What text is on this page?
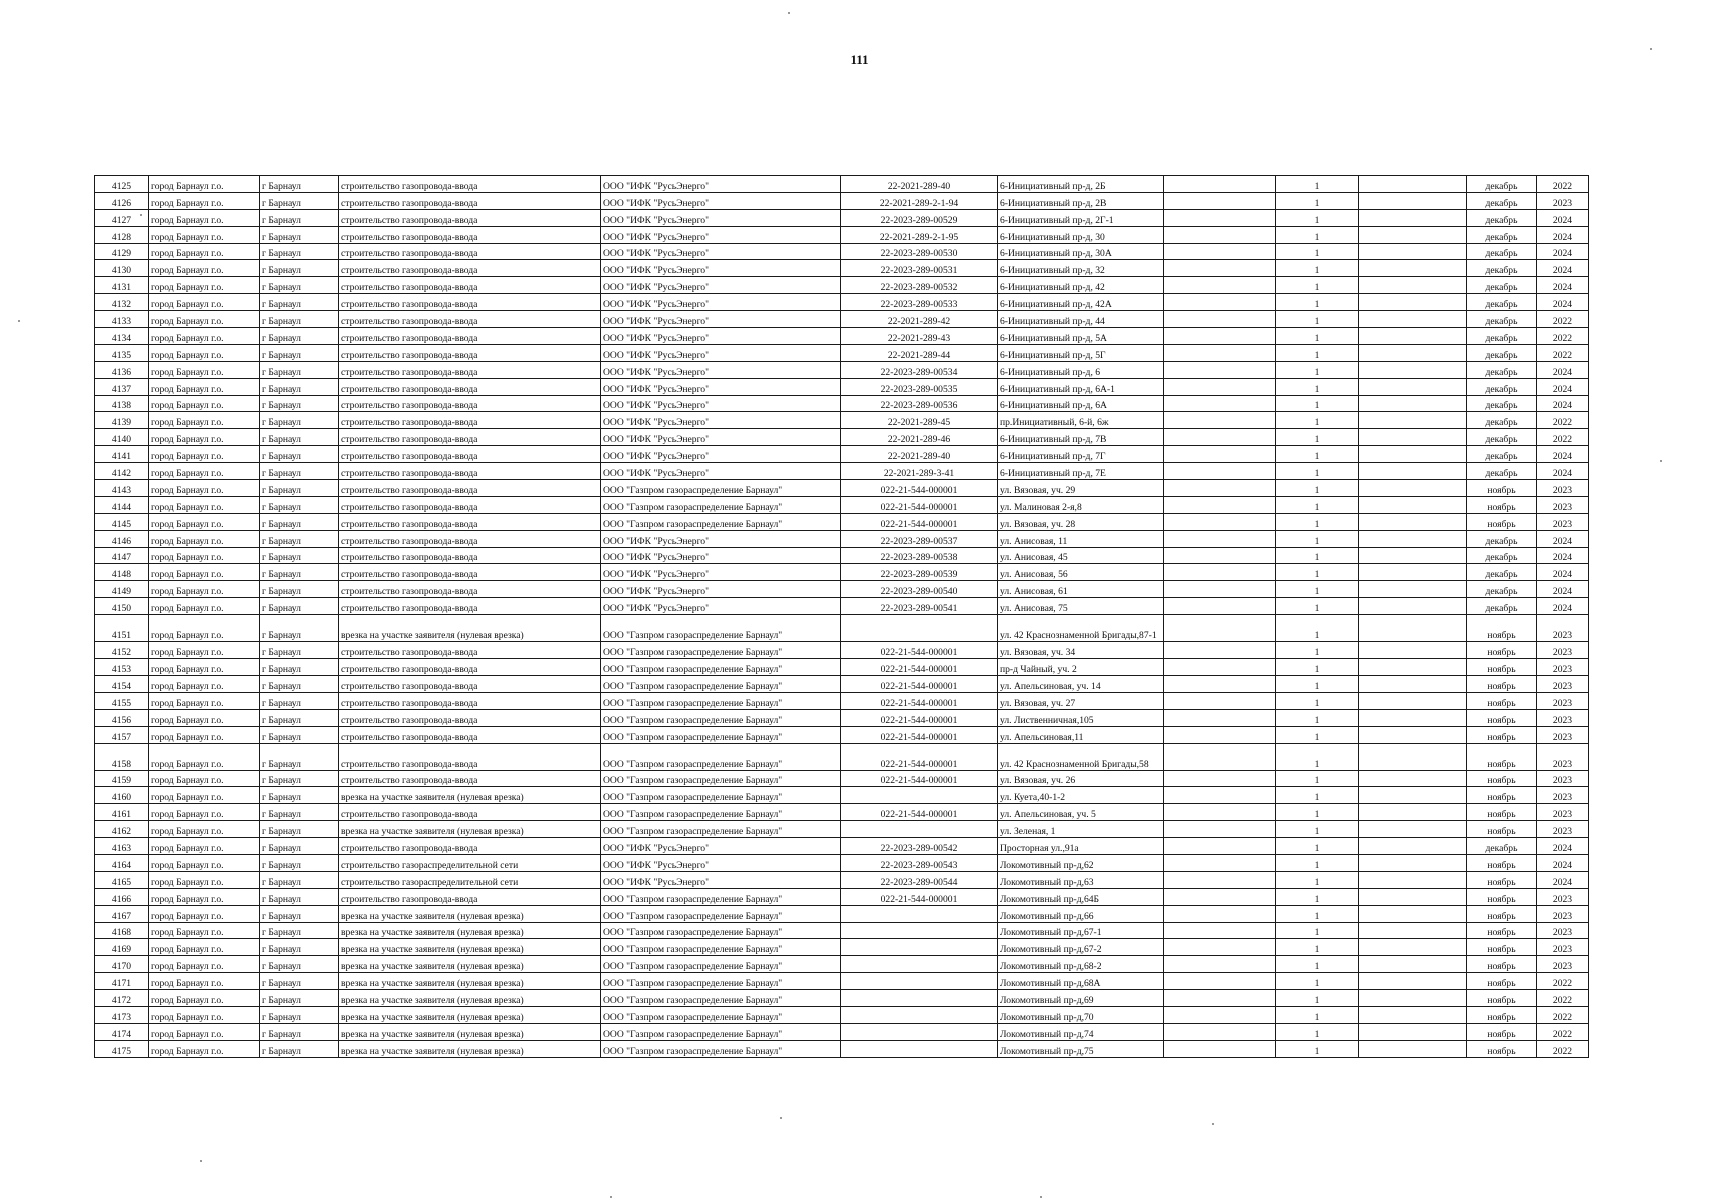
111
4125	город Барнаул г.о.	г Барнаул	строительство газопровода-ввода	ООО "ИФК "РусьЭнерго"	22-2021-289-40	6-Инициативный пр-д, 2Б		1		декабрь	2022
4126	город Барнаул г.о.	г Барнаул	строительство газопровода-ввода	ООО "ИФК "РусьЭнерго"	22-2021-289-2-1-94	6-Инициативный пр-д, 2В		1		декабрь	2023
4127	город Барнаул г.о.	г Барнаул	строительство газопровода-ввода	ООО "ИФК "РусьЭнерго"	22-2023-289-00529	6-Инициативный пр-д, 2Г-1		1		декабрь	2024
4128	город Барнаул г.о.	г Барнаул	строительство газопровода-ввода	ООО "ИФК "РусьЭнерго"	22-2021-289-2-1-95	6-Инициативный пр-д, 30		1		декабрь	2024
4129	город Барнаул г.о.	г Барнаул	строительство газопровода-ввода	ООО "ИФК "РусьЭнерго"	22-2023-289-00530	6-Инициативный пр-д, 30А		1		декабрь	2024
4130	город Барнаул г.о.	г Барнаул	строительство газопровода-ввода	ООО "ИФК "РусьЭнерго"	22-2023-289-00531	6-Инициативный пр-д, 32		1		декабрь	2024
4131	город Барнаул г.о.	г Барнаул	строительство газопровода-ввода	ООО "ИФК "РусьЭнерго"	22-2023-289-00532	6-Инициативный пр-д, 42		1		декабрь	2024
4132	город Барнаул г.о.	г Барнаул	строительство газопровода-ввода	ООО "ИФК "РусьЭнерго"	22-2023-289-00533	6-Инициативный пр-д, 42А		1		декабрь	2024
4133	город Барнаул г.о.	г Барнаул	строительство газопровода-ввода	ООО "ИФК "РусьЭнерго"	22-2021-289-42	6-Инициативный пр-д, 44		1		декабрь	2022
4134	город Барнаул г.о.	г Барнаул	строительство газопровода-ввода	ООО "ИФК "РусьЭнерго"	22-2021-289-43	6-Инициативный пр-д, 5А		1		декабрь	2022
4135	город Барнаул г.о.	г Барнаул	строительство газопровода-ввода	ООО "ИФК "РусьЭнерго"	22-2021-289-44	6-Инициативный пр-д, 5Г		1		декабрь	2022
4136	город Барнаул г.о.	г Барнаул	строительство газопровода-ввода	ООО "ИФК "РусьЭнерго"	22-2023-289-00534	6-Инициативный пр-д, 6		1		декабрь	2024
4137	город Барнаул г.о.	г Барнаул	строительство газопровода-ввода	ООО "ИФК "РусьЭнерго"	22-2023-289-00535	6-Инициативный пр-д, 6А-1		1		декабрь	2024
4138	город Барнаул г.о.	г Барнаул	строительство газопровода-ввода	ООО "ИФК "РусьЭнерго"	22-2023-289-00536	6-Инициативный пр-д, 6А		1		декабрь	2024
4139	город Барнаул г.о.	г Барнаул	строительство газопровода-ввода	ООО "ИФК "РусьЭнерго"	22-2021-289-45	пр.Инициативный, 6-й, 6ж		1		декабрь	2022
4140	город Барнаул г.о.	г Барнаул	строительство газопровода-ввода	ООО "ИФК "РусьЭнерго"	22-2021-289-46	6-Инициативный пр-д, 7В		1		декабрь	2022
4141	город Барнаул г.о.	г Барнаул	строительство газопровода-ввода	ООО "ИФК "РусьЭнерго"	22-2021-289-40	6-Инициативный пр-д, 7Г		1		декабрь	2024
4142	город Барнаул г.о.	г Барнаул	строительство газопровода-ввода	ООО "ИФК "РусьЭнерго"	22-2021-289-3-41	6-Инициативный пр-д, 7Е		1		декабрь	2024
4143	город Барнаул г.о.	г Барнаул	строительство газопровода-ввода	ООО "Газпром газораспределение Барнаул"	022-21-544-000001	ул. Вязовая, уч. 29		1		ноябрь	2023
4144	город Барнаул г.о.	г Барнаул	строительство газопровода-ввода	ООО "Газпром газораспределение Барнаул"	022-21-544-000001	ул. Малиновая 2-я,8		1		ноябрь	2023
4145	город Барнаул г.о.	г Барнаул	строительство газопровода-ввода	ООО "Газпром газораспределение Барнаул"	022-21-544-000001	ул. Вязовая, уч. 28		1		ноябрь	2023
4146	город Барнаул г.о.	г Барнаул	строительство газопровода-ввода	ООО "ИФК "РусьЭнерго"	22-2023-289-00537	ул. Анисовая, 11		1		декабрь	2024
4147	город Барнаул г.о.	г Барнаул	строительство газопровода-ввода	ООО "ИФК "РусьЭнерго"	22-2023-289-00538	ул. Анисовая, 45		1		декабрь	2024
4148	город Барнаул г.о.	г Барнаул	строительство газопровода-ввода	ООО "ИФК "РусьЭнерго"	22-2023-289-00539	ул. Анисовая, 56		1		декабрь	2024
4149	город Барнаул г.о.	г Барнаул	строительство газопровода-ввода	ООО "ИФК "РусьЭнерго"	22-2023-289-00540	ул. Анисовая, 61		1		декабрь	2024
4150	город Барнаул г.о.	г Барнаул	строительство газопровода-ввода	ООО "ИФК "РусьЭнерго"	22-2023-289-00541	ул. Анисовая, 75		1		декабрь	2024
4151	город Барнаул г.о.	г Барнаул	врезка на участке заявителя (нулевая врезка)	ООО "Газпром газораспределение Барнаул"		ул. 42 Краснознаменной Бригады,87-1		1		ноябрь	2023
4152	город Барнаул г.о.	г Барнаул	строительство газопровода-ввода	ООО "Газпром газораспределение Барнаул"	022-21-544-000001	ул. Вязовая, уч. 34		1		ноябрь	2023
4153	город Барнаул г.о.	г Барнаул	строительство газопровода-ввода	ООО "Газпром газораспределение Барнаул"	022-21-544-000001	пр-д Чайный, уч. 2		1		ноябрь	2023
4154	город Барнаул г.о.	г Барнаул	строительство газопровода-ввода	ООО "Газпром газораспределение Барнаул"	022-21-544-000001	ул. Апельсиновая, уч. 14		1		ноябрь	2023
4155	город Барнаул г.о.	г Барнаул	строительство газопровода-ввода	ООО "Газпром газораспределение Барнаул"	022-21-544-000001	ул. Вязовая, уч. 27		1		ноябрь	2023
4156	город Барнаул г.о.	г Барнаул	строительство газопровода-ввода	ООО "Газпром газораспределение Барнаул"	022-21-544-000001	ул. Лиственничная,105		1		ноябрь	2023
4157	город Барнаул г.о.	г Барнаул	строительство газопровода-ввода	ООО "Газпром газораспределение Барнаул"	022-21-544-000001	ул. Апельсиновая,11		1		ноябрь	2023
4158	город Барнаул г.о.	г Барнаул	строительство газопровода-ввода	ООО "Газпром газораспределение Барнаул"	022-21-544-000001	ул. 42 Краснознаменной Бригады,58		1		ноябрь	2023
4159	город Барнаул г.о.	г Барнаул	строительство газопровода-ввода	ООО "Газпром газораспределение Барнаул"	022-21-544-000001	ул. Вязовая, уч. 26		1		ноябрь	2023
4160	город Барнаул г.о.	г Барнаул	врезка на участке заявителя (нулевая врезка)	ООО "Газпром газораспределение Барнаул"		ул. Куета,40-1-2		1		ноябрь	2023
4161	город Барнаул г.о.	г Барнаул	строительство газопровода-ввода	ООО "Газпром газораспределение Барнаул"	022-21-544-000001	ул. Апельсиновая, уч. 5		1		ноябрь	2023
4162	город Барнаул г.о.	г Барнаул	врезка на участке заявителя (нулевая врезка)	ООО "Газпром газораспределение Барнаул"		ул. Зеленая, 1		1		ноябрь	2023
4163	город Барнаул г.о.	г Барнаул	строительство газопровода-ввода	ООО "ИФК "РусьЭнерго"	22-2023-289-00542	Просторная ул.,91а		1		декабрь	2024
4164	город Барнаул г.о.	г Барнаул	строительство газораспределительной сети	ООО "ИФК "РусьЭнерго"	22-2023-289-00543	Локомотивный пр-д,62		1		ноябрь	2024
4165	город Барнаул г.о.	г Барнаул	строительство газораспределительной сети	ООО "ИФК "РусьЭнерго"	22-2023-289-00544	Локомотивный пр-д,63		1		ноябрь	2024
4166	город Барнаул г.о.	г Барнаул	строительство газопровода-ввода	ООО "Газпром газораспределение Барнаул"	022-21-544-000001	Локомотивный пр-д,64Б		1		ноябрь	2023
4167	город Барнаул г.о.	г Барнаул	врезка на участке заявителя (нулевая врезка)	ООО "Газпром газораспределение Барнаул"		Локомотивный пр-д,66		1		ноябрь	2023
4168	город Барнаул г.о.	г Барнаул	врезка на участке заявителя (нулевая врезка)	ООО "Газпром газораспределение Барнаул"		Локомотивный пр-д,67-1		1		ноябрь	2023
4169	город Барнаул г.о.	г Барнаул	врезка на участке заявителя (нулевая врезка)	ООО "Газпром газораспределение Барнаул"		Локомотивный пр-д,67-2		1		ноябрь	2023
4170	город Барнаул г.о.	г Барнаул	врезка на участке заявителя (нулевая врезка)	ООО "Газпром газораспределение Барнаул"		Локомотивный пр-д,68-2		1		ноябрь	2023
4171	город Барнаул г.о.	г Барнаул	врезка на участке заявителя (нулевая врезка)	ООО "Газпром газораспределение Барнаул"		Локомотивный пр-д,68А		1		ноябрь	2022
4172	город Барнаул г.о.	г Барнаул	врезка на участке заявителя (нулевая врезка)	ООО "Газпром газораспределение Барнаул"		Локомотивный пр-д,69		1		ноябрь	2022
4173	город Барнаул г.о.	г Барнаул	врезка на участке заявителя (нулевая врезка)	ООО "Газпром газораспределение Барнаул"		Локомотивный пр-д,70		1		ноябрь	2022
4174	город Барнаул г.о.	г Барнаул	врезка на участке заявителя (нулевая врезка)	ООО "Газпром газораспределение Барнаул"		Локомотивный пр-д,74		1		ноябрь	2022
4175	город Барнаул г.о.	г Барнаул	врезка на участке заявителя (нулевая врезка)	ООО "Газпром газораспределение Барнаул"		Локомотивный пр-д,75		1		ноябрь	2022
